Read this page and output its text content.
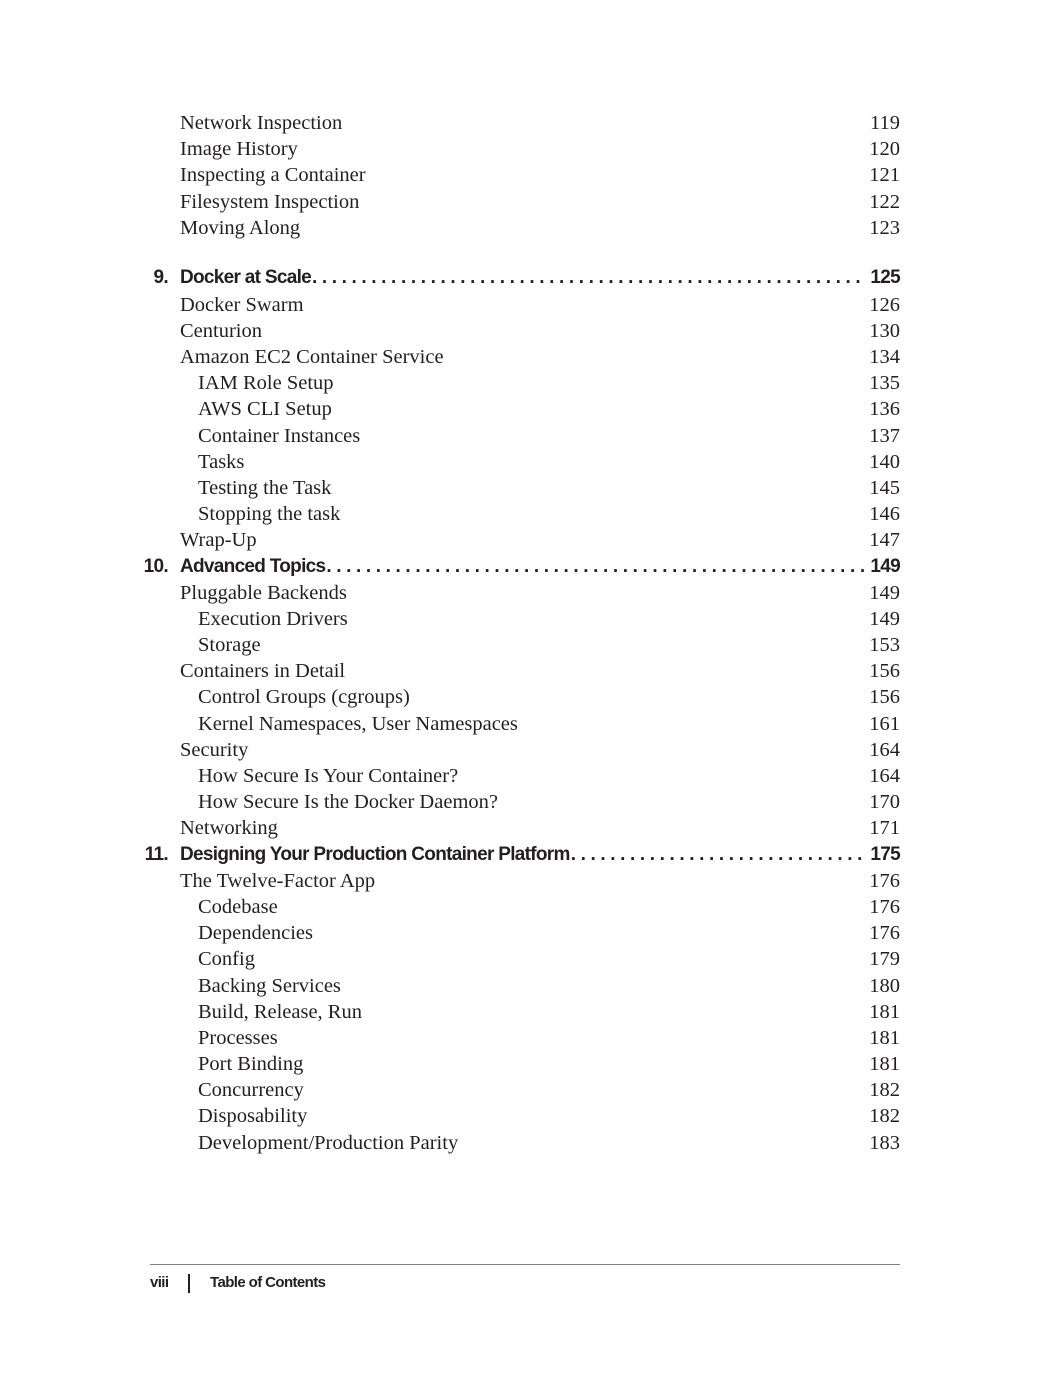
Network Inspection	119
Image History	120
Inspecting a Container	121
Filesystem Inspection	122
Moving Along	123
9. Docker at Scale .....	125
Docker Swarm	126
Centurion	130
Amazon EC2 Container Service	134
IAM Role Setup	135
AWS CLI Setup	136
Container Instances	137
Tasks	140
Testing the Task	145
Stopping the task	146
Wrap-Up	147
10. Advanced Topics .....	149
Pluggable Backends	149
Execution Drivers	149
Storage	153
Containers in Detail	156
Control Groups (cgroups)	156
Kernel Namespaces, User Namespaces	161
Security	164
How Secure Is Your Container?	164
How Secure Is the Docker Daemon?	170
Networking	171
11. Designing Your Production Container Platform .....	175
The Twelve-Factor App	176
Codebase	176
Dependencies	176
Config	179
Backing Services	180
Build, Release, Run	181
Processes	181
Port Binding	181
Concurrency	182
Disposability	182
Development/Production Parity	183
viii	Table of Contents
